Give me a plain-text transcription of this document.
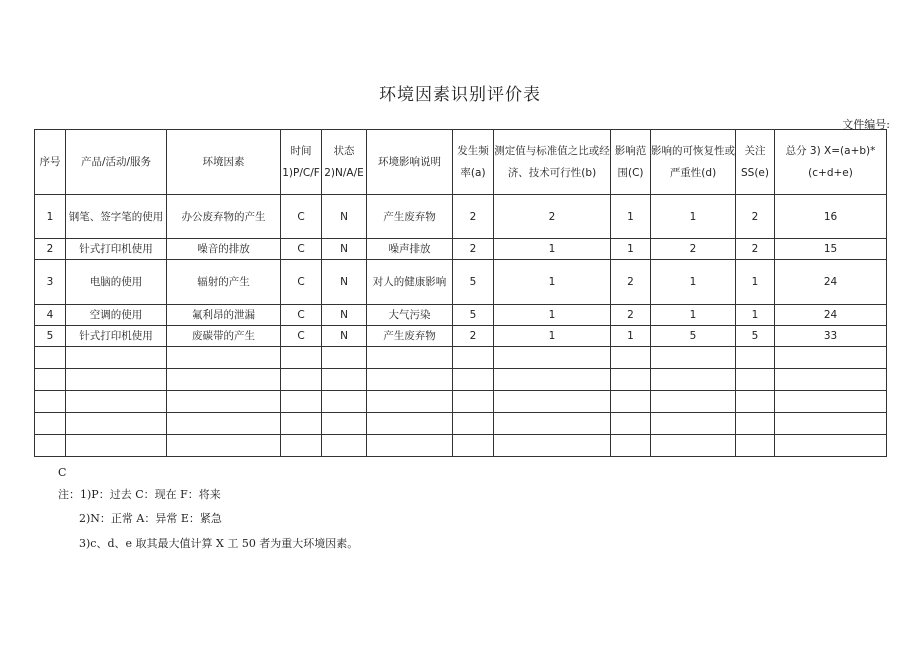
环境因素识别评价表
文件编号:
序号	产品/活动/服务	环境因素	时间 1)P/C/F	状态 2)N/A/E	环境影响说明	发生频率(a)	测定值与标准值之比或经济、技术可行性(b)	影响范围(C)	影响的可恢复性或严重性(d)	关注SS(e)	总分 3) X=(a+b)*(c+d+e)
1	钢笔、签字笔的使用	办公废弃物的产生	C	N	产生废弃物	2	2	1	1	2	16
2	针式打印机使用	噪音的排放	C	N	噪声排放	2	1	1	2	2	15
3	电脑的使用	辐射的产生	C	N	对人的健康影响	5	1	2	1	1	24
4	空调的使用	氟利昂的泄漏	C	N	大气污染	5	1	2	1	1	24
5	针式打印机使用	废碳带的产生	C	N	产生废弃物	2	1	1	5	5	33

C
注：1)P：过去 C：现在 F：将来
2)N：正常 A：异常 E：紧急
3)c、d、e 取其最大值计算 X 工 50 者为重大环境因素。
